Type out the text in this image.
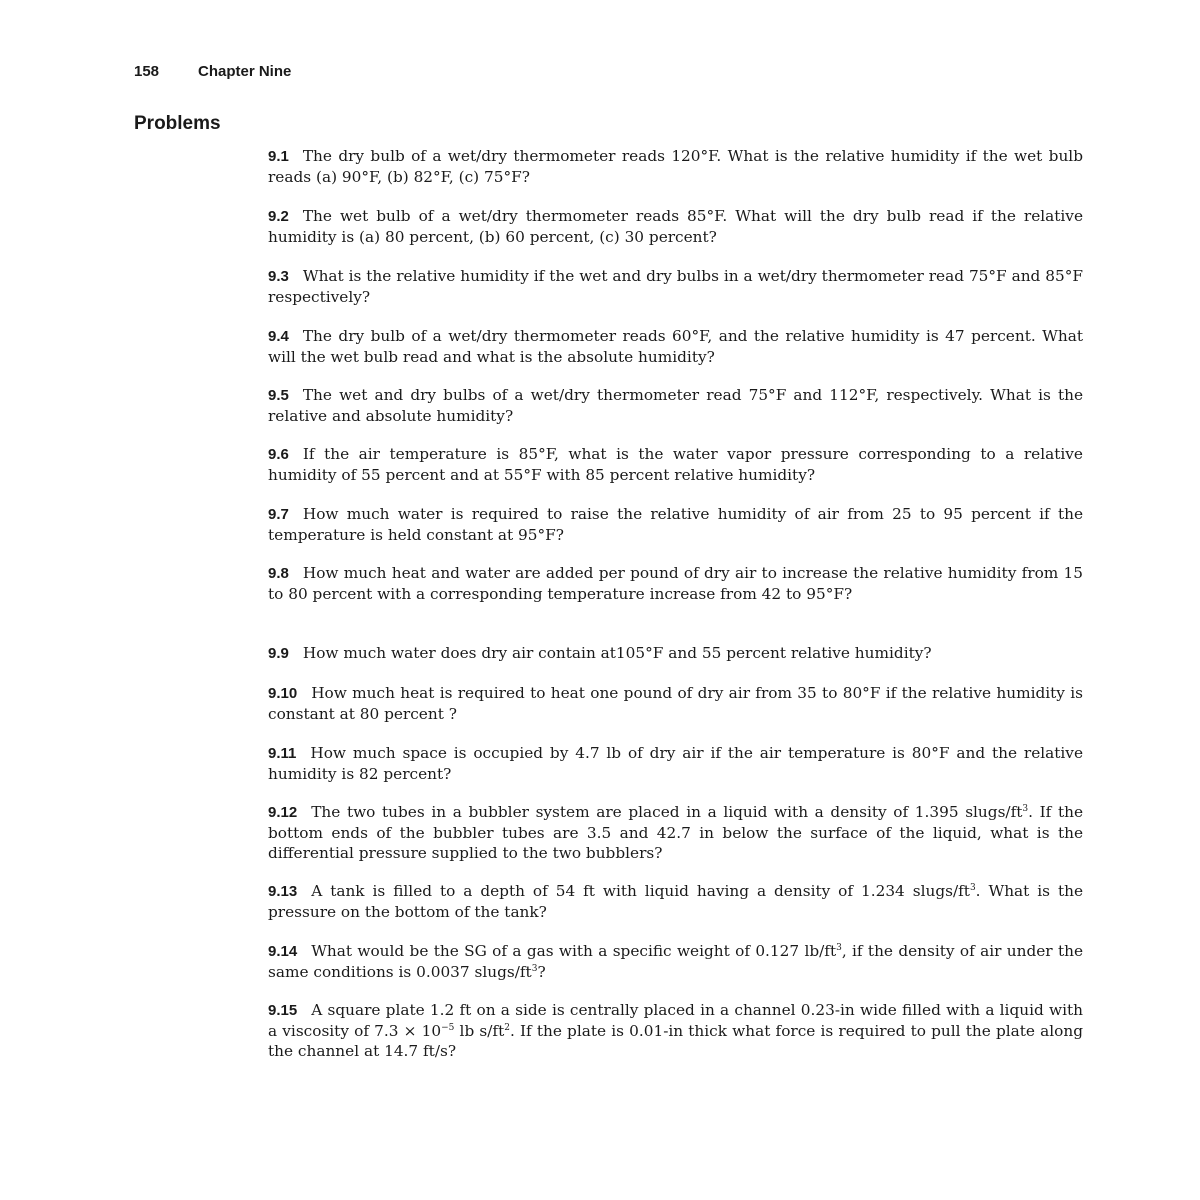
158	Chapter Nine
Problems

9.1 The dry bulb of a wet/dry thermometer reads 120°F. What is the relative humidity if the wet bulb reads (a) 90°F, (b) 82°F, (c) 75°F?

9.2 The wet bulb of a wet/dry thermometer reads 85°F. What will the dry bulb read if the relative humidity is (a) 80 percent, (b) 60 percent, (c) 30 percent?

9.3 What is the relative humidity if the wet and dry bulbs in a wet/dry thermometer read 75°F and 85°F respectively?

9.4 The dry bulb of a wet/dry thermometer reads 60°F, and the relative humidity is 47 percent. What will the wet bulb read and what is the absolute humidity?

9.5 The wet and dry bulbs of a wet/dry thermometer read 75°F and 112°F, respectively. What is the relative and absolute humidity?

9.6 If the air temperature is 85°F, what is the water vapor pressure corresponding to a relative humidity of 55 percent and at 55°F with 85 percent relative humidity?

9.7 How much water is required to raise the relative humidity of air from 25 to 95 percent if the temperature is held constant at 95°F?

9.8 How much heat and water are added per pound of dry air to increase the relative humidity from 15 to 80 percent with a corresponding temperature increase from 42 to 95°F?

9.9 How much water does dry air contain at105°F and 55 percent relative humidity?

9.10 How much heat is required to heat one pound of dry air from 35 to 80°F if the relative humidity is constant at 80 percent ?

9.11 How much space is occupied by 4.7 lb of dry air if the air temperature is 80°F and the relative humidity is 82 percent?

9.12 The two tubes in a bubbler system are placed in a liquid with a density of 1.395 slugs/$ft^3$. If the bottom ends of the bubbler tubes are 3.5 and 42.7 in below the surface of the liquid, what is the differential pressure supplied to the two bubblers?

9.13 A tank is filled to a depth of 54 ft with liquid having a density of 1.234 slugs/$ft^3$. What is the pressure on the bottom of the tank?

9.14 What would be the SG of a gas with a specific weight of 0.127 $lb/ft^3$, if the density of air under the same conditions is 0.0037 slugs/$ft^3$?

9.15 A square plate 1.2 ft on a side is centrally placed in a channel 0.23-in wide filled with a liquid with a viscosity of $7.3 \times 10^{-5}$ lb $s/ft^2$. If the plate is 0.01-in thick what force is required to pull the plate along the channel at 14.7 ft/s?
